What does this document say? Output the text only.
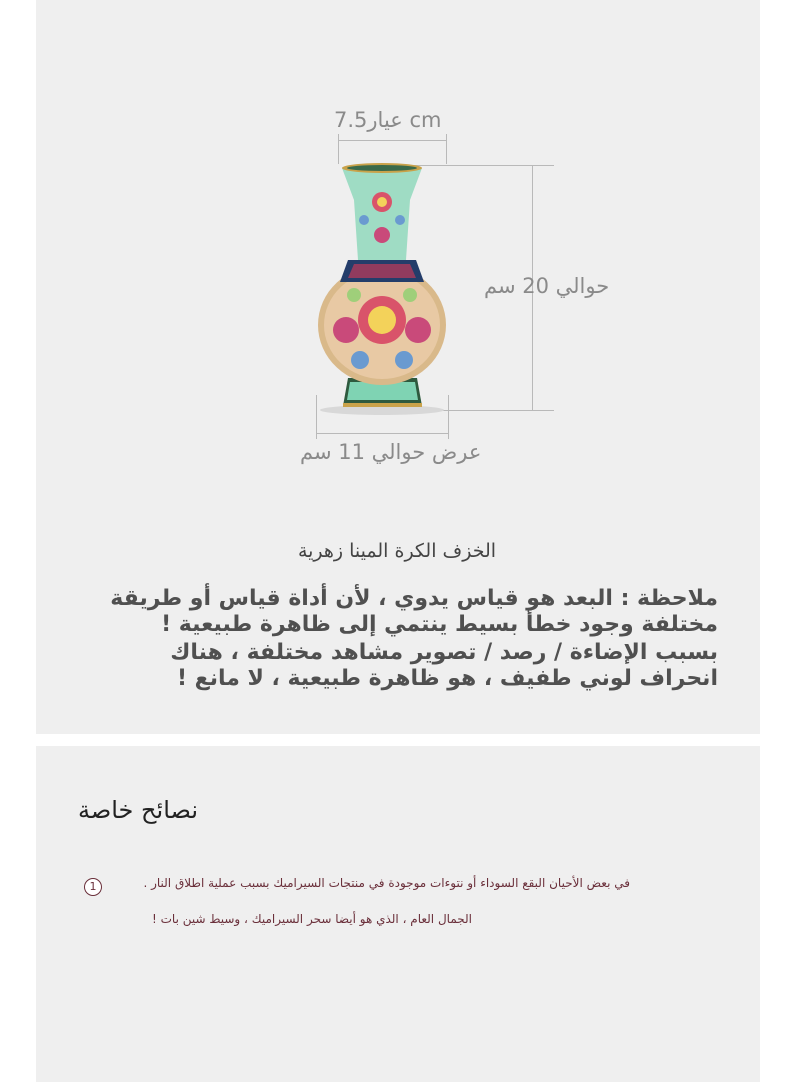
7.5عيار cm
حوالي 20 سم
عرض حوالي 11 سم
الخزف الكرة المينا زهرية
ملاحظة : البعد هو قياس يدوي ، لأن أداة قياس أو طريقة مختلفة وجود خطأ بسيط ينتمي إلى ظاهرة طبيعية !
بسبب الإضاءة / رصد / تصوير مشاهد مختلفة ، هناك انحراف لوني طفيف ، هو ظاهرة طبيعية ، لا مانع !
نصائح خاصة
1	في بعض الأحيان البقع السوداء أو نتوءات موجودة في منتجات السيراميك بسبب عملية اطلاق النار .
الجمال العام ، الذي هو أيضا سحر السيراميك ، وسيط شين بات !
